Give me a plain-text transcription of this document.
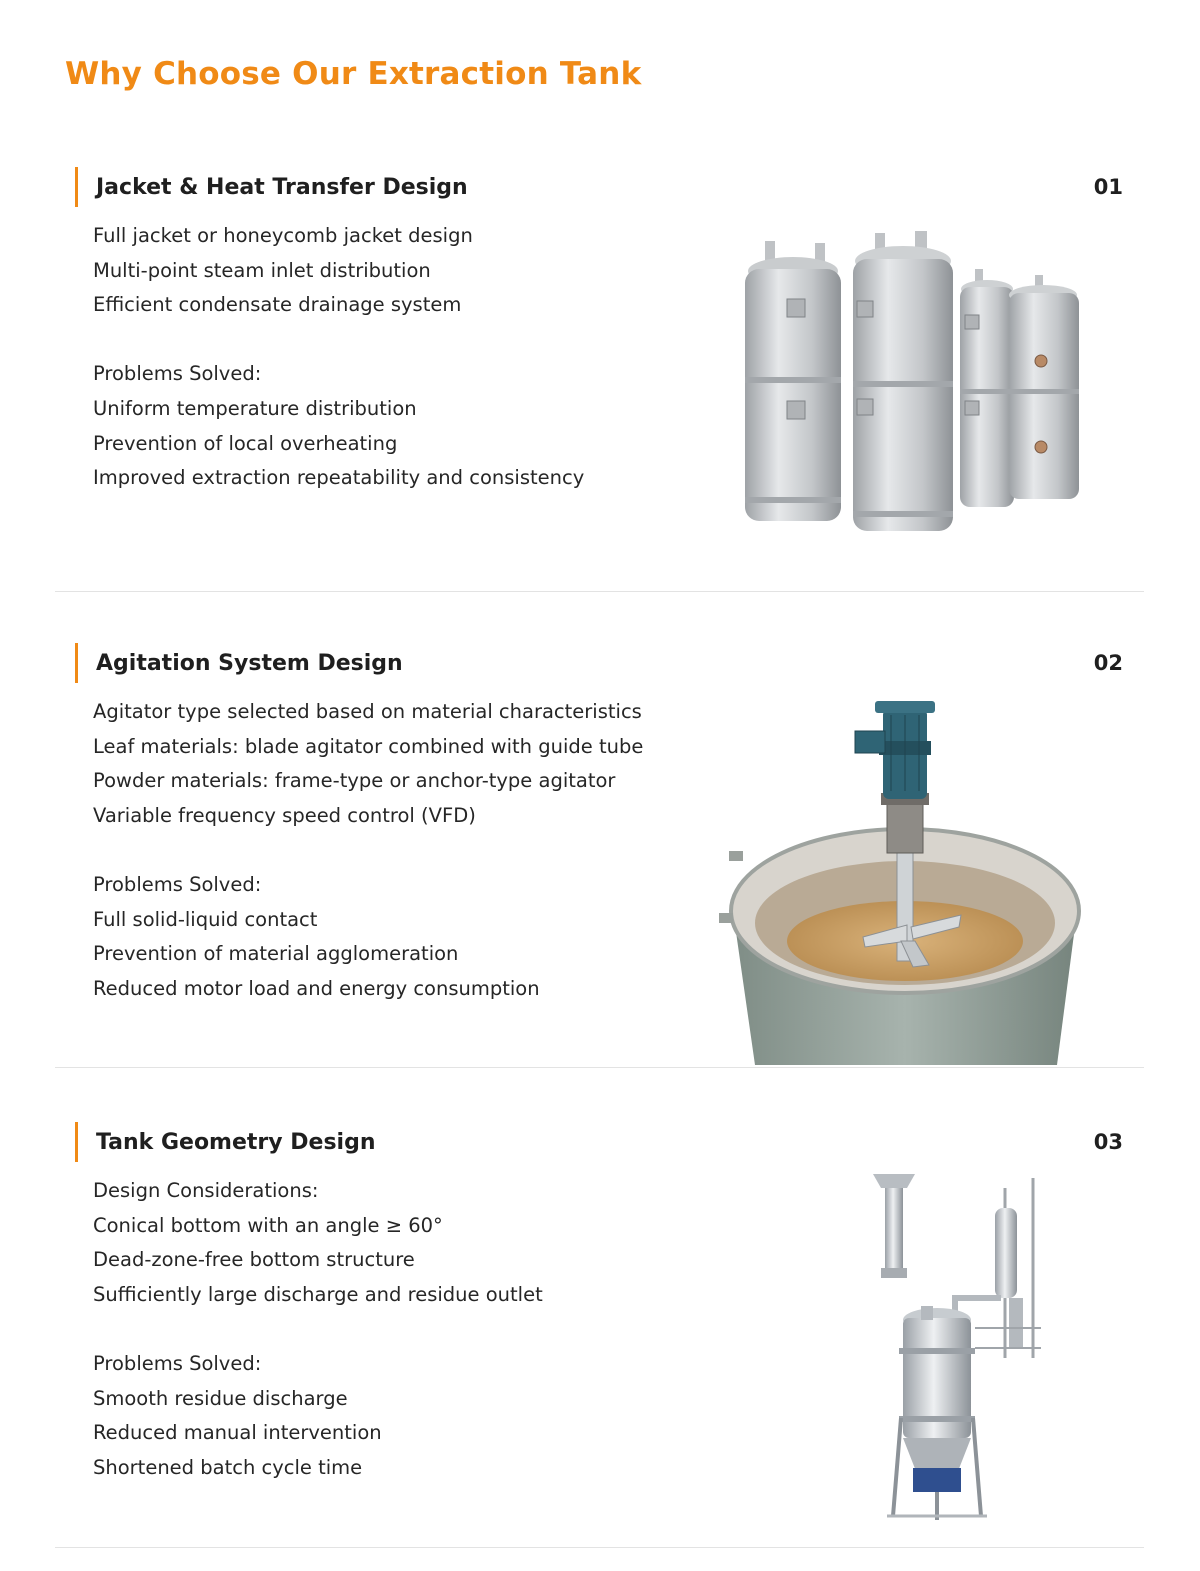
Why Choose Our Extraction Tank
Jacket & Heat Transfer Design	01
Full jacket or honeycomb jacket design
Multi-point steam inlet distribution
Efficient condensate drainage system
Problems Solved:
Uniform temperature distribution
Prevention of local overheating
Improved extraction repeatability and consistency
Agitation System Design	02
Agitator type selected based on material characteristics
Leaf materials: blade agitator combined with guide tube
Powder materials: frame-type or anchor-type agitator
Variable frequency speed control (VFD)
Problems Solved:
Full solid-liquid contact
Prevention of material agglomeration
Reduced motor load and energy consumption
Tank Geometry Design	03
Design Considerations:
Conical bottom with an angle ≥ 60°
Dead-zone-free bottom structure
Sufficiently large discharge and residue outlet
Problems Solved:
Smooth residue discharge
Reduced manual intervention
Shortened batch cycle time
